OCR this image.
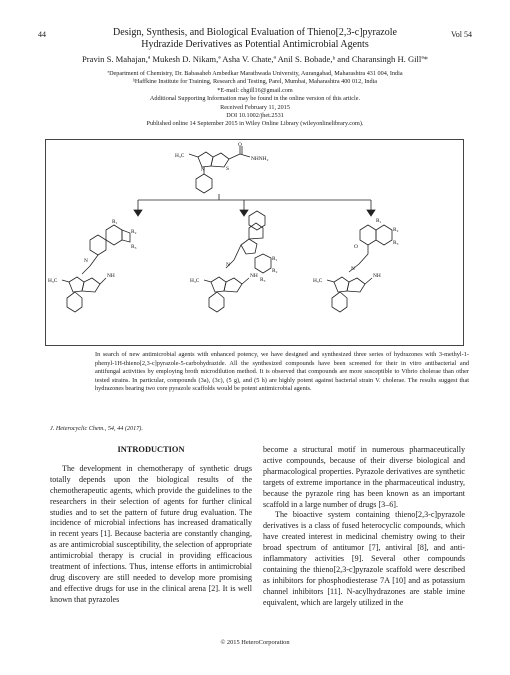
44	Vol 54
Design, Synthesis, and Biological Evaluation of Thieno[2,3-c]pyrazole
Hydrazide Derivatives as Potential Antimicrobial Agents
Pravin S. Mahajan,ª Mukesh D. Nikam,ª Asha V. Chate,ª Anil S. Bobade,ᵇ and Charansingh H. Gillª*
ªDepartment of Chemistry, Dr. Babasaheb Ambedkar Marathwada University, Aurangabad, Maharashtra 431 004, India
ᵇHaffkine Institute for Training, Research and Testing, Parel, Mumbai, Maharashtra 400 012, India
*E-mail: chgill16@gmail.com
Additional Supporting Information may be found in the online version of this article.
Received February 11, 2015
DOI 10.1002/jhet.2531
Published online 14 September 2015 in Wiley Online Library (wileyonlinelibrary.com).
H₃C
S
O
NHNH₂
N
R₁
R₂
R₃
H₃C
NH
N	R₁
R₂
R₃
H₃C
NH
N
R₁
R₂
R₃
O
H₃C
NH
N
In search of new antimicrobial agents with enhanced potency, we have designed and synthesized three series of hydrazones with 3-methyl-1-phenyl-1H-thieno[2,3-c]pyrazole-5-carbohydrazide. All the synthesized compounds have been screened for their in vitro antibacterial and antifungal activities by employing broth microdilution method. It is observed that compounds are more susceptible to Vibrio cholerae than other tested strains. In particular, compounds (3a), (3c), (5 g), and (5 h) are highly potent against bacterial strain V. cholerae. The results suggest that hydrazones bearing two core pyrazole scaffolds would be potent antimicrobial agents.
J. Heterocyclic Chem., 54, 44 (2017).

INTRODUCTION

The development in chemotherapy of synthetic drugs totally depends upon the biological results of the chemotherapeutic agents, which provide the guidelines to the researchers in their selection of agents for further clinical studies and to set the pattern of future drug evaluation. The incidence of microbial infections has increased dramatically in recent years [1]. Because bacteria are constantly changing, as are antimicrobial susceptibility, the selection of appropriate antimicrobial therapy is crucial in providing efficacious treatment of infections. Thus, intense efforts in antimicrobial drug discovery are still needed to develop more promising and effective drugs for use in the clinical arena [2]. It is well known that pyrazoles

become a structural motif in numerous pharmaceutically active compounds, because of their diverse biological and pharmacological properties. Pyrazole derivatives are synthetic targets of extreme importance in the pharmaceutical industry, because the pyrazole ring has been known as an important scaffold in a large number of drugs [3–6].

The bioactive system containing thieno[2,3-c]pyrazole derivatives is a class of fused heterocyclic compounds, which have created interest in medicinal chemistry owing to their broad spectrum of antitumor [7], antiviral [8], and anti-inflammatory activities [9]. Several other compounds containing the thieno[2,3-c]pyrazole scaffold were described as inhibitors for phosphodiesterase 7A [10] and as potassium channel inhibitors [11]. N-acylhydrazones are stable imine equivalent, which are largely utilized in the

© 2015 HeteroCorporation
